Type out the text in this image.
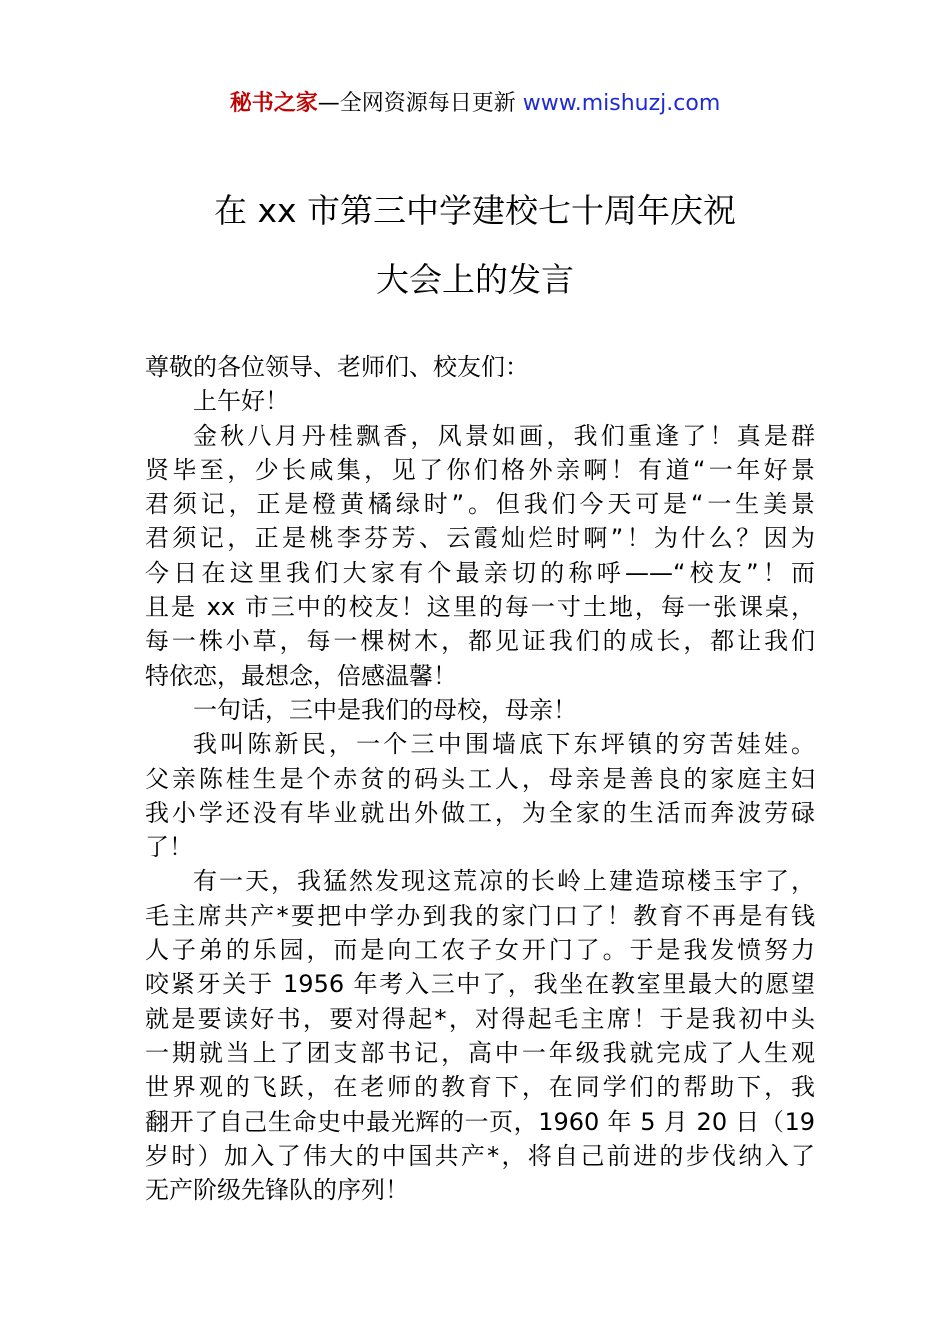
秘书之家—全网资源每日更新 www.mishuzj.com
在 xx 市第三中学建校七十周年庆祝
大会上的发言
尊敬的各位领导、老师们、校友们：
上午好！
金秋八月丹桂飘香，风景如画，我们重逢了！真是群
贤毕至，少长咸集，见了你们格外亲啊！有道“一年好景
君须记，正是橙黄橘绿时”。但我们今天可是“一生美景
君须记，正是桃李芬芳、云霞灿烂时啊”！为什么？因为
今日在这里我们大家有个最亲切的称呼——“校友”！而
且是 xx 市三中的校友！这里的每一寸土地，每一张课桌，
每一株小草，每一棵树木，都见证我们的成长，都让我们
特依恋，最想念，倍感温馨！
一句话，三中是我们的母校，母亲！
我叫陈新民，一个三中围墙底下东坪镇的穷苦娃娃。
父亲陈桂生是个赤贫的码头工人，母亲是善良的家庭主妇
我小学还没有毕业就出外做工，为全家的生活而奔波劳碌
了！
有一天，我猛然发现这荒凉的长岭上建造琼楼玉宇了，
毛主席共产*要把中学办到我的家门口了！教育不再是有钱
人子弟的乐园，而是向工农子女开门了。于是我发愤努力
咬紧牙关于 1956 年考入三中了，我坐在教室里最大的愿望
就是要读好书，要对得起*，对得起毛主席！于是我初中头
一期就当上了团支部书记，高中一年级我就完成了人生观
世界观的飞跃，在老师的教育下，在同学们的帮助下，我
翻开了自己生命史中最光辉的一页，1960 年 5 月 20 日（19
岁时）加入了伟大的中国共产*，将自己前进的步伐纳入了
无产阶级先锋队的序列！
